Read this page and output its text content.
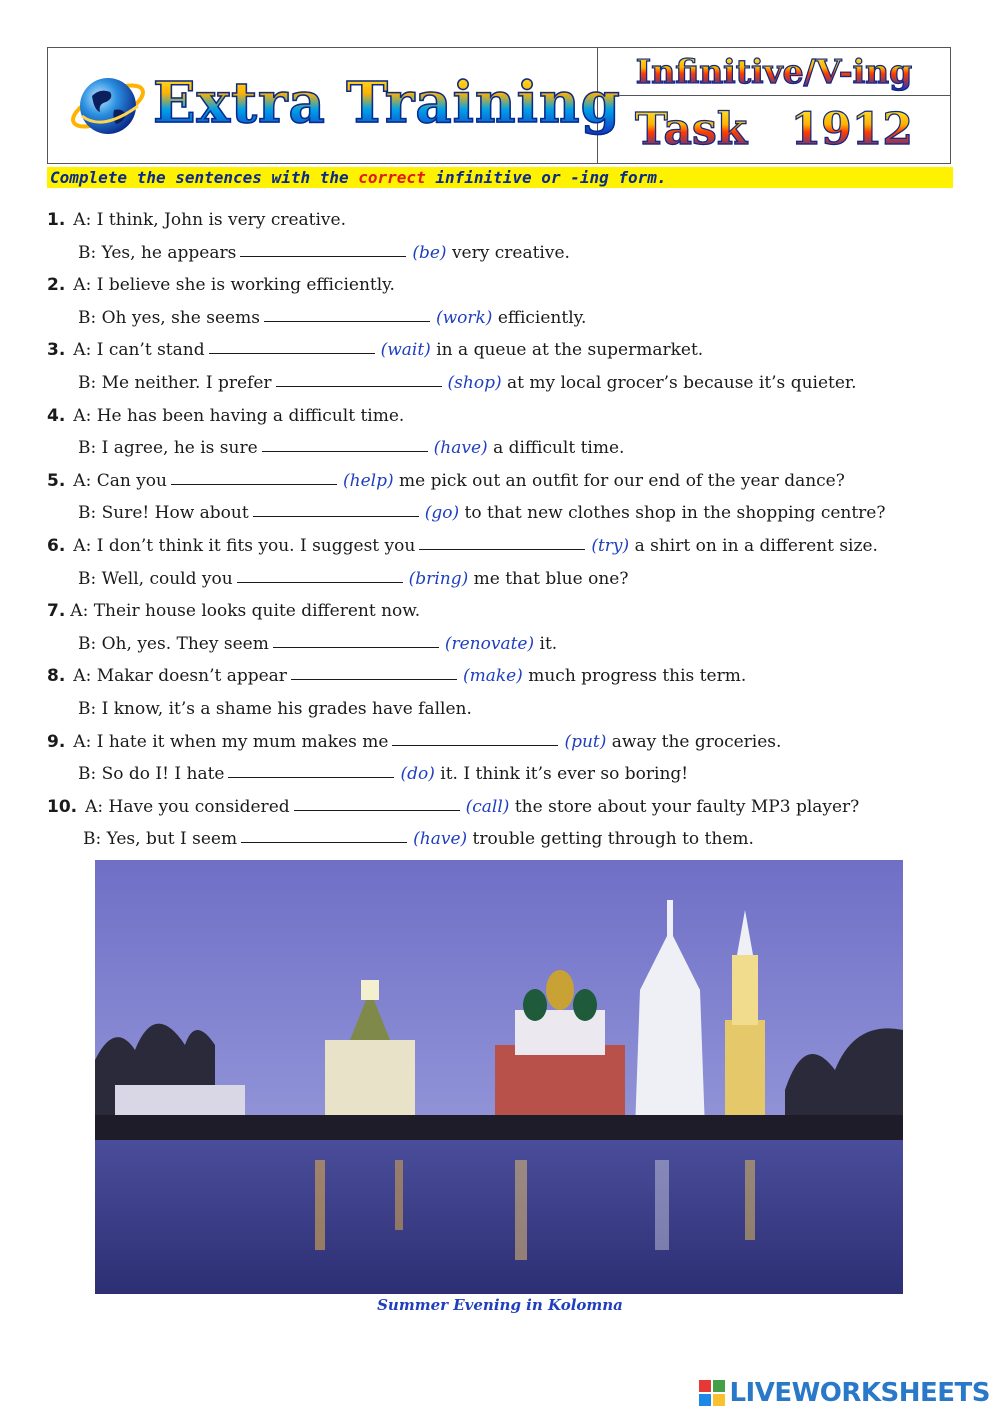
Extra Training Infinitive/V-ing
Task 1912
Complete the sentences with the correct infinitive or -ing form.
1. A: I think, John is very creative.
B: Yes, he appears	(be) very creative.
2. A: I believe she is working efficiently.
B: Oh yes, she seems	(work) efficiently.
3. A: I can’t stand	(wait) in a queue at the supermarket.
B: Me neither. I prefer	(shop) at my local grocer’s because it’s quieter.
4. A: He has been having a difficult time.
B: I agree, he is sure	(have) a difficult time.
5. A: Can you	(help) me pick out an outfit for our end of the year dance?
B: Sure! How about	(go) to that new clothes shop in the shopping centre?
6. A: I don’t think it fits you. I suggest you	(try) a shirt on in a different size.
B: Well, could you	(bring) me that blue one?
7. A: Their house looks quite different now.
B: Oh, yes. They seem	(renovate) it.
8. A: Makar doesn’t appear	(make) much progress this term.
B: I know, it’s a shame his grades have fallen.
9. A: I hate it when my mum makes me	(put) away the groceries.
B: So do I! I hate	(do) it. I think it’s ever so boring!
10. A: Have you considered	(call) the store about your faulty MP3 player?
B: Yes, but I seem	(have) trouble getting through to them.
Summer Evening in Kolomna
LIVEWORKSHEETS
